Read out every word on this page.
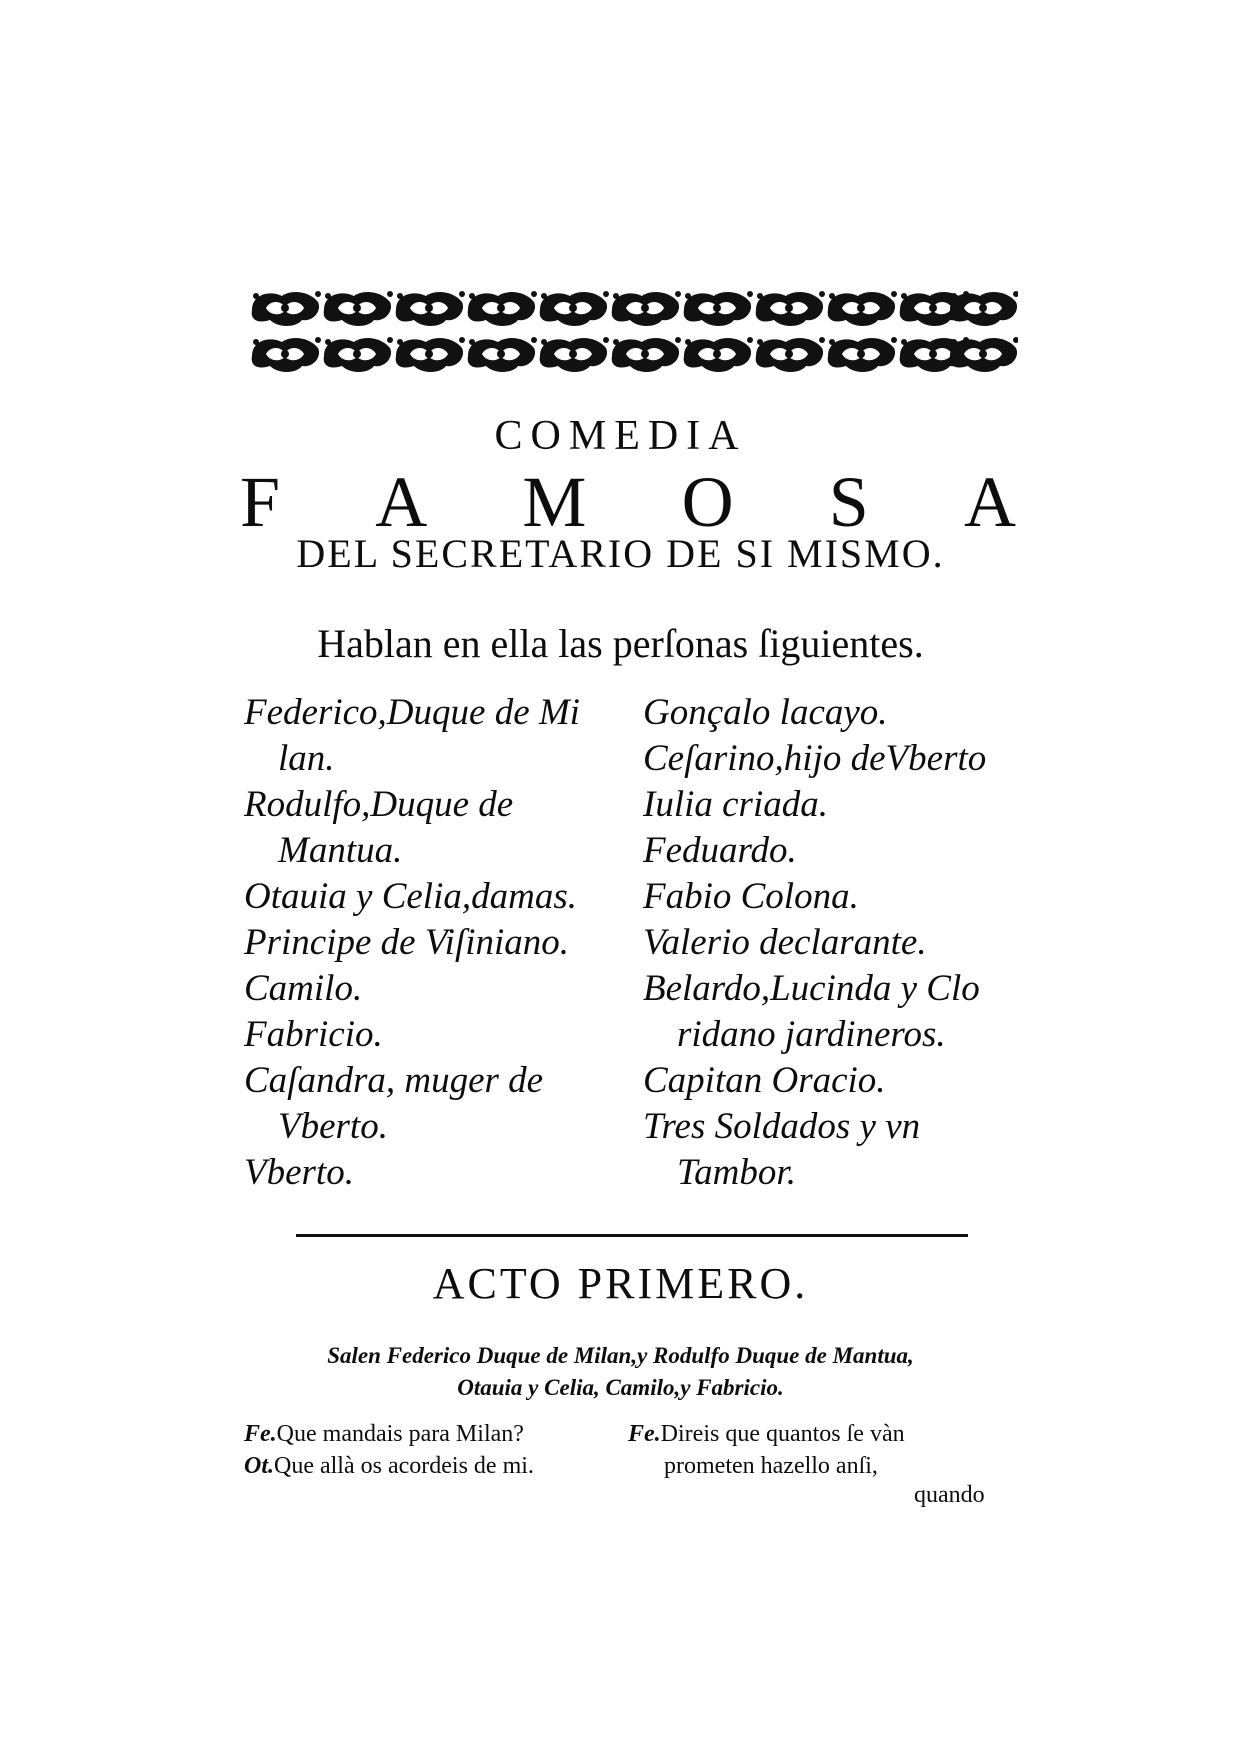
COMEDIA
F A M O S A
DEL SECRETARIO DE SI MISMO.
Hablan en ella las perſonas ſiguientes.
Federico,Duque de Mi
lan.
Rodulfo,Duque de
Mantua.
Otauia y Celia,damas.
Principe de Viſiniano.
Camilo.
Fabricio.
Caſandra, muger de
Vberto.
Vberto.
Gonçalo lacayo.
Ceſarino,hijo deVberto
Iulia criada.
Feduardo.
Fabio Colona.
Valerio declarante.
Belardo,Lucinda y Clo
ridano jardineros.
Capitan Oracio.
Tres Soldados y vn
Tambor.
ACTO PRIMERO.
Salen Federico Duque de Milan,y Rodulfo Duque de Mantua,
Otauia y Celia, Camilo,y Fabricio.
Fe.Que mandais para Milan?
Ot.Que allà os acordeis de mi.
Fe.Direis que quantos ſe vàn
prometen hazello anſi,
quando
